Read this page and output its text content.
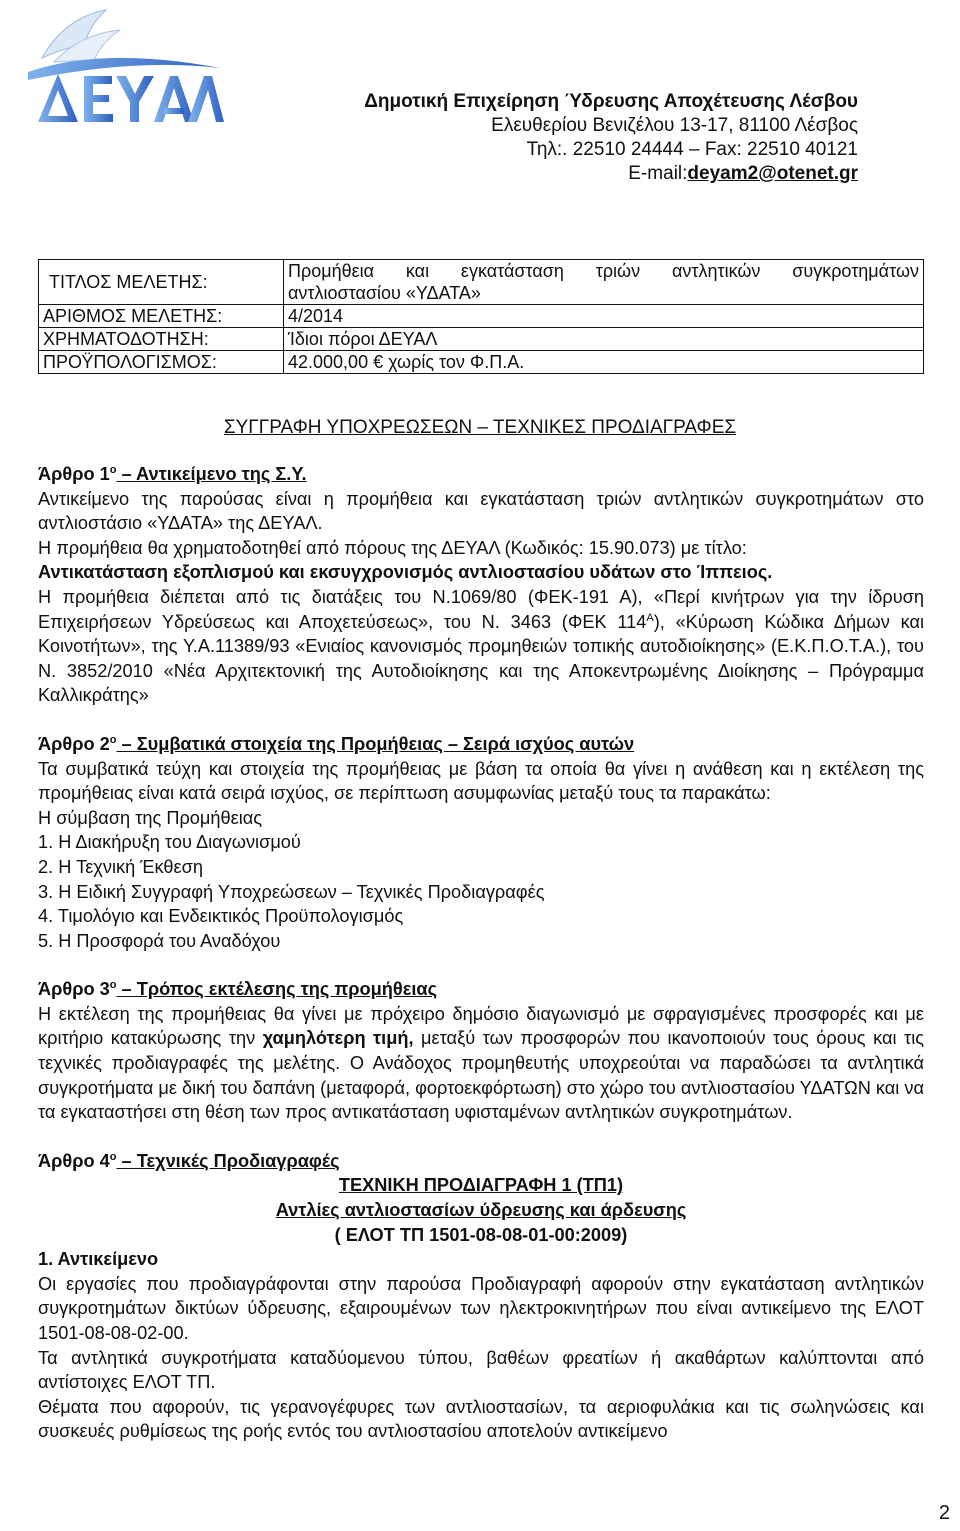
Δημοτική Επιχείρηση Ύδρευσης Αποχέτευσης Λέσβου
Ελευθερίου Βενιζέλου 13-17, 81100 Λέσβος
Τηλ:. 22510 24444 – Fax: 22510 40121
E-mail:deyam2@otenet.gr
ΤΙΤΛΟΣ ΜΕΛΕΤΗΣ:	Προμήθεια και εγκατάσταση τριών αντλητικών συγκροτημάτων
αντλιοστασίου «ΥΔΑΤΑ»

ΑΡΙΘΜΟΣ ΜΕΛΕΤΗΣ:	4/2014
ΧΡΗΜΑΤΟΔΟΤΗΣΗ:	Ίδιοι πόροι ΔΕΥΑΛ
ΠΡΟΫΠΟΛΟΓΙΣΜΟΣ:	42.000,00 € χωρίς τον Φ.Π.Α.
ΣΥΓΓΡΑΦΗ ΥΠΟΧΡΕΩΣΕΩΝ – ΤΕΧΝΙΚΕΣ ΠΡΟΔΙΑΓΡΑΦΕΣ

Άρθρο $1^o$ – Αντικείμενο της Σ.Υ.

Αντικείμενο της παρούσας είναι η προμήθεια και εγκατάσταση τριών αντλητικών συγκροτημάτων στο αντλιοστάσιο «ΥΔΑΤΑ» της ΔΕΥΑΛ.

Η προμήθεια θα χρηματοδοτηθεί από πόρους της ΔΕΥΑΛ (Κωδικός: 15.90.073) με τίτλο:

Αντικατάσταση εξοπλισμού και εκσυγχρονισμός αντλιοστασίου υδάτων στο Ίππειος.

Η προμήθεια διέπεται από τις διατάξεις του Ν.1069/80 (ΦΕΚ-191 Α), «Περί κινήτρων για την ίδρυση Επιχειρήσεων Υδρεύσεως και Αποχετεύσεως», του Ν. 3463 (ΦΕΚ $114^A$), «Κύρωση Κώδικα Δήμων και Κοινοτήτων», της Υ.Α.11389/93 «Ενιαίος κανονισμός προμηθειών τοπικής αυτοδιοίκησης» (Ε.Κ.Π.Ο.Τ.Α.), του Ν. 3852/2010 «Νέα Αρχιτεκτονική της Αυτοδιοίκησης και της Αποκεντρωμένης Διοίκησης – Πρόγραμμα Καλλικράτης»

Άρθρο $2^o$ – Συμβατικά στοιχεία της Προμήθειας – Σειρά ισχύος αυτών

Τα συμβατικά τεύχη και στοιχεία της προμήθειας με βάση τα οποία θα γίνει η ανάθεση και η εκτέλεση της προμήθειας είναι κατά σειρά ισχύος, σε περίπτωση ασυμφωνίας μεταξύ τους τα παρακάτω:

Η σύμβαση της Προμήθειας

1. Η Διακήρυξη του Διαγωνισμού
2. Η Τεχνική Έκθεση
3. Η Ειδική Συγγραφή Υποχρεώσεων – Τεχνικές Προδιαγραφές
4. Τιμολόγιο και Ενδεικτικός Προϋπολογισμός
5. Η Προσφορά του Αναδόχου

Άρθρο $3^o$ – Τρόπος εκτέλεσης της προμήθειας

Η εκτέλεση της προμήθειας θα γίνει με πρόχειρο δημόσιο διαγωνισμό με σφραγισμένες προσφορές και με κριτήριο κατακύρωσης την χαμηλότερη τιμή, μεταξύ των προσφορών που ικανοποιούν τους όρους και τις τεχνικές προδιαγραφές της μελέτης. Ο Ανάδοχος προμηθευτής υποχρεούται να παραδώσει τα αντλητικά συγκροτήματα με δική του δαπάνη (μεταφορά, φορτοεκφόρτωση) στο χώρο του αντλιοστασίου ΥΔΑΤΩΝ και να τα εγκαταστήσει στη θέση των προς αντικατάσταση υφισταμένων αντλητικών συγκροτημάτων.

Άρθρο $4^o$ – Τεχνικές Προδιαγραφές

ΤΕΧΝΙΚΗ ΠΡΟΔΙΑΓΡΑΦΗ 1 (ΤΠ1)

Αντλίες αντλιοστασίων ύδρευσης και άρδευσης

( ΕΛΟΤ ΤΠ 1501-08-08-01-00:2009)

1. Αντικείμενο

Οι εργασίες που προδιαγράφονται στην παρούσα Προδιαγραφή αφορούν στην εγκατάσταση αντλητικών συγκροτημάτων δικτύων ύδρευσης, εξαιρουμένων των ηλεκτροκινητήρων που είναι αντικείμενο της ΕΛΟΤ 1501-08-08-02-00.

Τα αντλητικά συγκροτήματα καταδύομενου τύπου, βαθέων φρεατίων ή ακαθάρτων καλύπτονται από αντίστοιχες ΕΛΟΤ ΤΠ.

Θέματα που αφορούν, τις γερανογέφυρες των αντλιοστασίων, τα αεριοφυλάκια και τις σωληνώσεις και συσκευές ρυθμίσεως της ροής εντός του αντλιοστασίου αποτελούν αντικείμενο

2
